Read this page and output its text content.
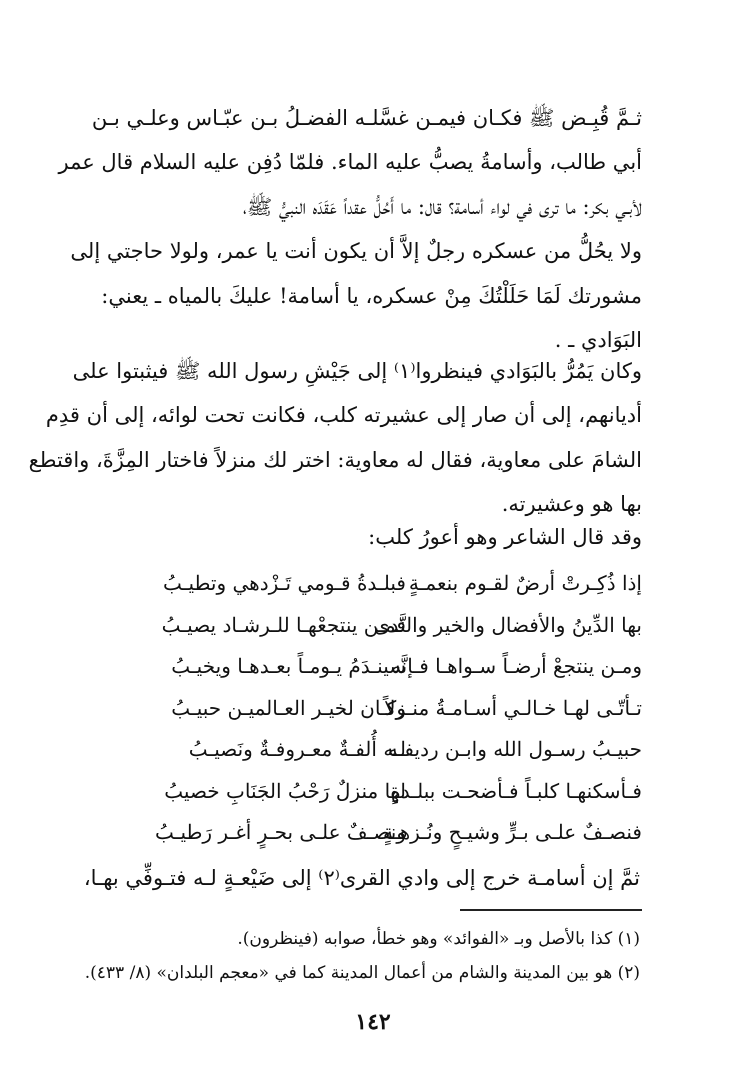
ثـمَّ قُبِـض ﷺ فكـان فيمـن غسَّلـه الفضـلُ بـن عبّـاس وعلـي بـن
أبي طالب، وأسامةُ يصبُّ عليه الماء. فلمّا دُفِن عليه السلام قال عمر
لأبـي بكر: ما ترى في لواء أسامة؟ قال: ما أَحُلُّ عقداً عَقَدَه النبيُّ ﷺ،
ولا يحُلُّ من عسكره رجلٌ إلاَّ أن يكون أنت يا عمر، ولولا حاجتي إلى
مشورتك لَمَا حَلَلْتُكَ مِنْ عسكره، يا أسامة! عليكَ بالمياه ـ يعني:
البَوَادي ـ .
وكان يَمُرُّ بالبَوَادي فينظروا⁽١⁾ إلى جَيْشِ رسول الله ﷺ فيثبتوا على
أديانهم، إلى أن صار إلى عشيرته كلب، فكانت تحت لوائه، إلى أن قدِم
الشامَ على معاوية، فقال له معاوية: اختر لك منزلاً فاختار المِزَّةَ، واقتطع
بها هو وعشيرته.
وقد قال الشاعر وهو أعورُ كلب:
إذا ذُكِـرتْ أرضٌ لقـوم بنعمـةٍ
فبلـدةُ قـومي تَـزْدهي وتطيـبُ
بها الدِّينُ والأفضال والخير والنَّدى
فمـن ينتجعْهـا للـرشـاد يصيـبُ
ومـن ينتجعْ أرضـاً سـواهـا فـإنَّه
سينـدَمُ يـومـاً بعـدهـا ويخيـبُ
تـأتّـى لهـا خـالـي أسـامـةُ منـزلاً
وكـان لخيـر العـالميـن حبيـبُ
حبيـبُ رسـول الله وابـن رديفـه
لـه أُلفـةٌ معـروفـةٌ ونَصيـبُ
فـأسكنهـا كلبـاً فـأضحـت ببلـدةٍ
لها منزلٌ رَحْبُ الجَنَابِ خصيبُ
فنصـفٌ علـى بـرٍّ وشيـحٍ ونُـزهـةٍ
ونصـفٌ علـى بحـرٍ أغـر رَطيـبُ
ثمَّ إن أسامـة خرج إلى وادي القرى⁽٢⁾ إلى ضَيْعـةٍ لـه فتـوفِّي بهـا،
(١) كذا بالأصل وبـ «الفوائد» وهو خطأ، صوابه (فينظرون).
(٢) هو بين المدينة والشام من أعمال المدينة كما في «معجم البلدان» (٨/ ٤٣٣).
١٤٢
